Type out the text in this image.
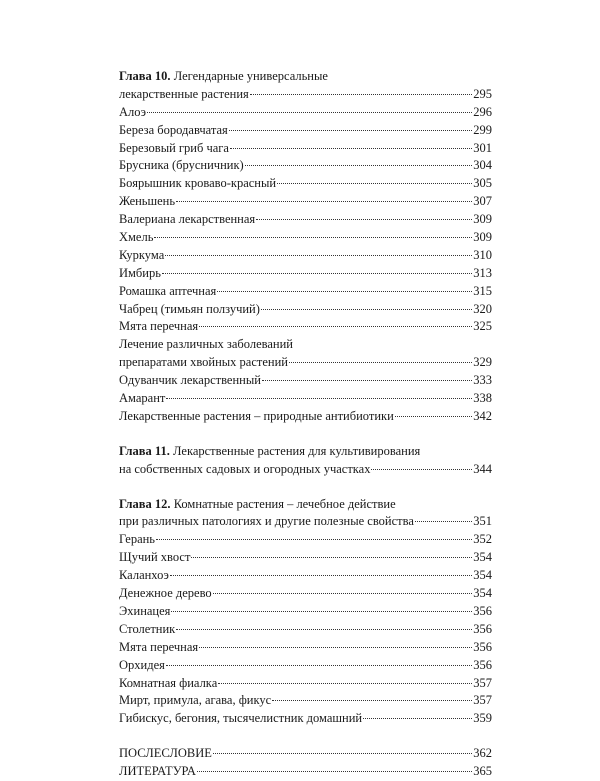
Глава 10. Легендарные универсальные
лекарственные растения	295
Алоэ	296
Береза бородавчатая	299
Березовый гриб чага	301
Брусника (брусничник)	304
Боярышник кроваво-красный	305
Женьшень	307
Валериана лекарственная	309
Хмель	309
Куркума	310
Имбирь	313
Ромашка аптечная	315
Чабрец (тимьян ползучий)	320
Мята перечная	325
Лечение различных заболеваний
препаратами хвойных растений	329
Одуванчик лекарственный	333
Амарант	338
Лекарственные растения – природные антибиотики	342
Глава 11. Лекарственные растения для культивирования
на собственных садовых и огородных участках	344
Глава 12. Комнатные растения – лечебное действие
при различных патологиях и другие полезные свойства	351
Герань	352
Щучий хвост	354
Каланхоэ	354
Денежное дерево	354
Эхинацея	356
Столетник	356
Мята перечная	356
Орхидея	356
Комнатная фиалка	357
Мирт, примула, агава, фикус	357
Гибискус, бегония, тысячелистник домашний	359
ПОСЛЕСЛОВИЕ	362
ЛИТЕРАТУРА	365
